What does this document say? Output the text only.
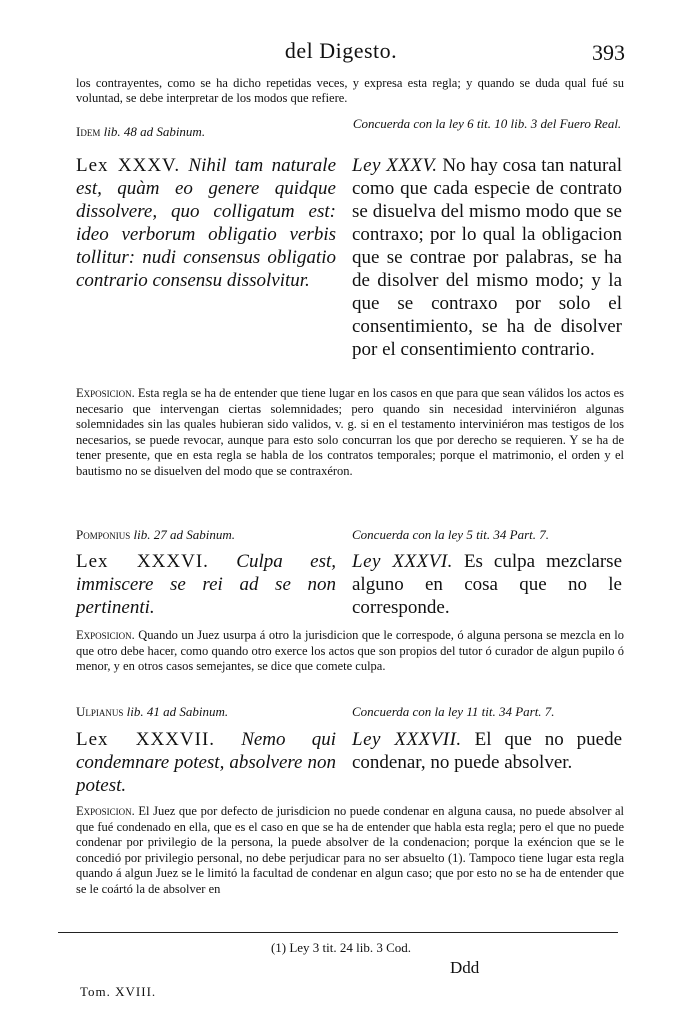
del Digesto.	393
los contrayentes, como se ha dicho repetidas veces, y expresa esta regla; y quando se duda qual fué su voluntad, se debe interpretar de los modos que refiere.
Idem lib. 48 ad Sabinum.
Concuerda con la ley 6 tit. 10 lib. 3 del Fuero Real.
Lex XXXV. Nihil tam naturale est, quàm eo genere quidque dissolvere, quo colligatum est: ideo verborum obligatio verbis tollitur: nudi consensus obligatio contrario consensu dissolvitur.
Ley XXXV. No hay cosa tan natural como que cada especie de contrato se disuelva del mismo modo que se contraxo; por lo qual la obligacion que se contrae por palabras, se ha de disolver del mismo modo; y la que se contraxo por solo el consentimiento, se ha de disolver por el consentimiento contrario.
Exposicion. Esta regla se ha de entender que tiene lugar en los casos en que para que sean válidos los actos es necesario que intervengan ciertas solemnidades; pero quando sin necesidad interviniéron algunas solemnidades sin las quales hubieran sido validos, v. g. si en el testamento interviniéron mas testigos de los necesarios, se puede revocar, aunque para esto solo concurran los que por derecho se requieren. Y se ha de tener presente, que en esta regla se habla de los contratos temporales; porque el matrimonio, el orden y el bautismo no se disuelven del modo que se contraxéron.
Pomponius lib. 27 ad Sabinum.	Concuerda con la ley 5 tit. 34 Part. 7.
Lex XXXVI. Culpa est, immiscere se rei ad se non pertinenti.
Ley XXXVI. Es culpa mezclarse alguno en cosa que no le corresponde.
Exposicion. Quando un Juez usurpa á otro la jurisdicion que le correspode, ó alguna persona se mezcla en lo que otro debe hacer, como quando otro exerce los actos que son propios del tutor ó curador de algun pupilo ó menor, y en otros casos semejantes, se dice que comete culpa.
Ulpianus lib. 41 ad Sabinum.	Concuerda con la ley 11 tit. 34 Part. 7.
Lex XXXVII. Nemo qui condemnare potest, absolvere non potest.
Ley XXXVII. El que no puede condenar, no puede absolver.
Exposicion. El Juez que por defecto de jurisdicion no puede condenar en alguna causa, no puede absolver al que fué condenado en ella, que es el caso en que se ha de entender que habla esta regla; pero el que no puede condenar por privilegio de la persona, la puede absolver de la condenacion; porque la exéncion que se le concedió por privilegio personal, no debe perjudicar para no ser absuelto (1). Tampoco tiene lugar esta regla quando á algun Juez se le limitó la facultad de condenar en algun caso; que por esto no se ha de entender que se le coártó la de absolver en
(1) Ley 3 tit. 24 lib. 3 Cod.
Tom. XVIII.
Ddd
